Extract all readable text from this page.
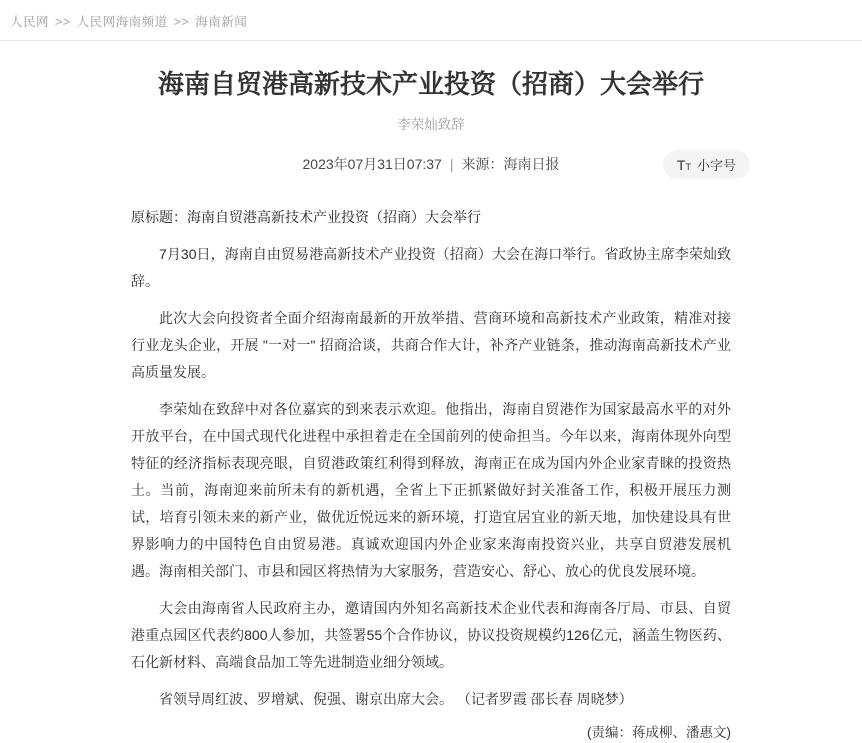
人民网 >> 人民网海南频道 >> 海南新闻
海南自贸港高新技术产业投资（招商）大会举行
李荣灿致辞
2023年07月31日07:37 | 来源：海南日报	T T 小字号

原标题：海南自贸港高新技术产业投资（招商）大会举行

7月30日，海南自由贸易港高新技术产业投资（招商）大会在海口举行。省政协主席李荣灿致辞。

此次大会向投资者全面介绍海南最新的开放举措、营商环境和高新技术产业政策，精准对接行业龙头企业，开展 "一对一" 招商洽谈，共商合作大计，补齐产业链条，推动海南高新技术产业高质量发展。

李荣灿在致辞中对各位嘉宾的到来表示欢迎。他指出，海南自贸港作为国家最高水平的对外开放平台，在中国式现代化进程中承担着走在全国前列的使命担当。今年以来，海南体现外向型特征的经济指标表现亮眼，自贸港政策红利得到释放，海南正在成为国内外企业家青睐的投资热土。当前，海南迎来前所未有的新机遇，全省上下正抓紧做好封关准备工作，积极开展压力测试，培育引领未来的新产业，做优近悦远来的新环境，打造宜居宜业的新天地，加快建设具有世界影响力的中国特色自由贸易港。真诚欢迎国内外企业家来海南投资兴业，共享自贸港发展机遇。海南相关部门、市县和园区将热情为大家服务，营造安心、舒心、放心的优良发展环境。

大会由海南省人民政府主办，邀请国内外知名高新技术企业代表和海南各厅局、市县、自贸港重点园区代表约800人参加，共签署55个合作协议，协议投资规模约126亿元，涵盖生物医药、石化新材料、高端食品加工等先进制造业细分领域。

省领导周红波、罗增斌、倪强、谢京出席大会。 （记者罗霞 邵长春 周晓梦）

(责编：蒋成柳、潘惠文)
